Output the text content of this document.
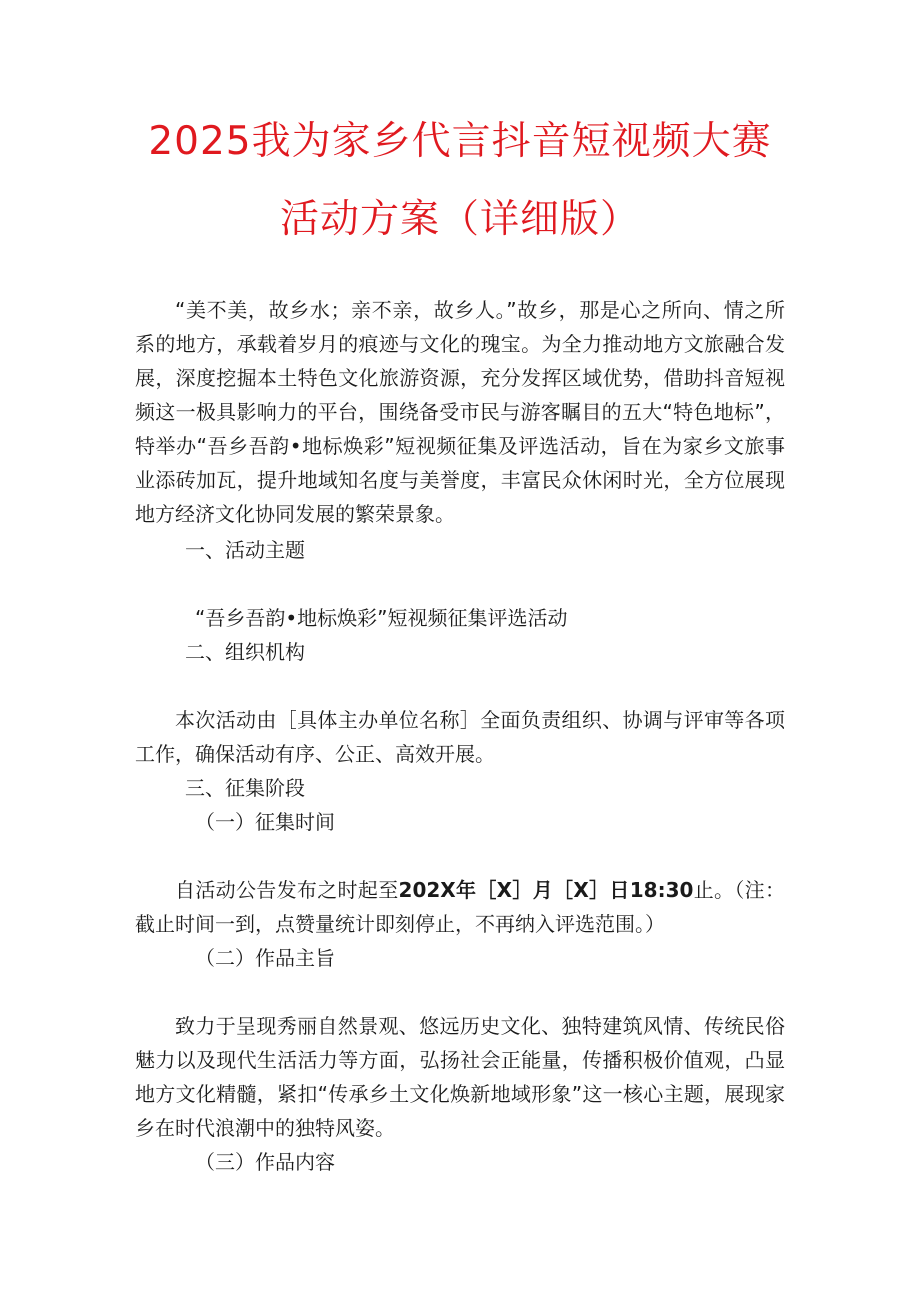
2025我为家乡代言抖音短视频大赛
活动方案（详细版）

“美不美，故乡水；亲不亲，故乡人。”故乡，那是心之所向、情之所系的地方，承载着岁月的痕迹与文化的瑰宝。为全力推动地方文旅融合发展，深度挖掘本土特色文化旅游资源，充分发挥区域优势，借助抖音短视频这一极具影响力的平台，围绕备受市民与游客瞩目的五大“特色地标”，特举办“吾乡吾韵•地标焕彩”短视频征集及评选活动，旨在为家乡文旅事业添砖加瓦，提升地域知名度与美誉度，丰富民众休闲时光，全方位展现地方经济文化协同发展的繁荣景象。

一、活动主题

“吾乡吾韵•地标焕彩”短视频征集评选活动

二、组织机构

本次活动由［具体主办单位名称］全面负责组织、协调与评审等各项工作，确保活动有序、公正、高效开展。

三、征集阶段

（一）征集时间

自活动公告发布之时起至202X年［X］月［X］日18:30止。（注：截止时间一到，点赞量统计即刻停止，不再纳入评选范围。）

（二）作品主旨

致力于呈现秀丽自然景观、悠远历史文化、独特建筑风情、传统民俗魅力以及现代生活活力等方面，弘扬社会正能量，传播积极价值观，凸显地方文化精髓，紧扣“传承乡土文化焕新地域形象”这一核心主题，展现家乡在时代浪潮中的独特风姿。

（三）作品内容
